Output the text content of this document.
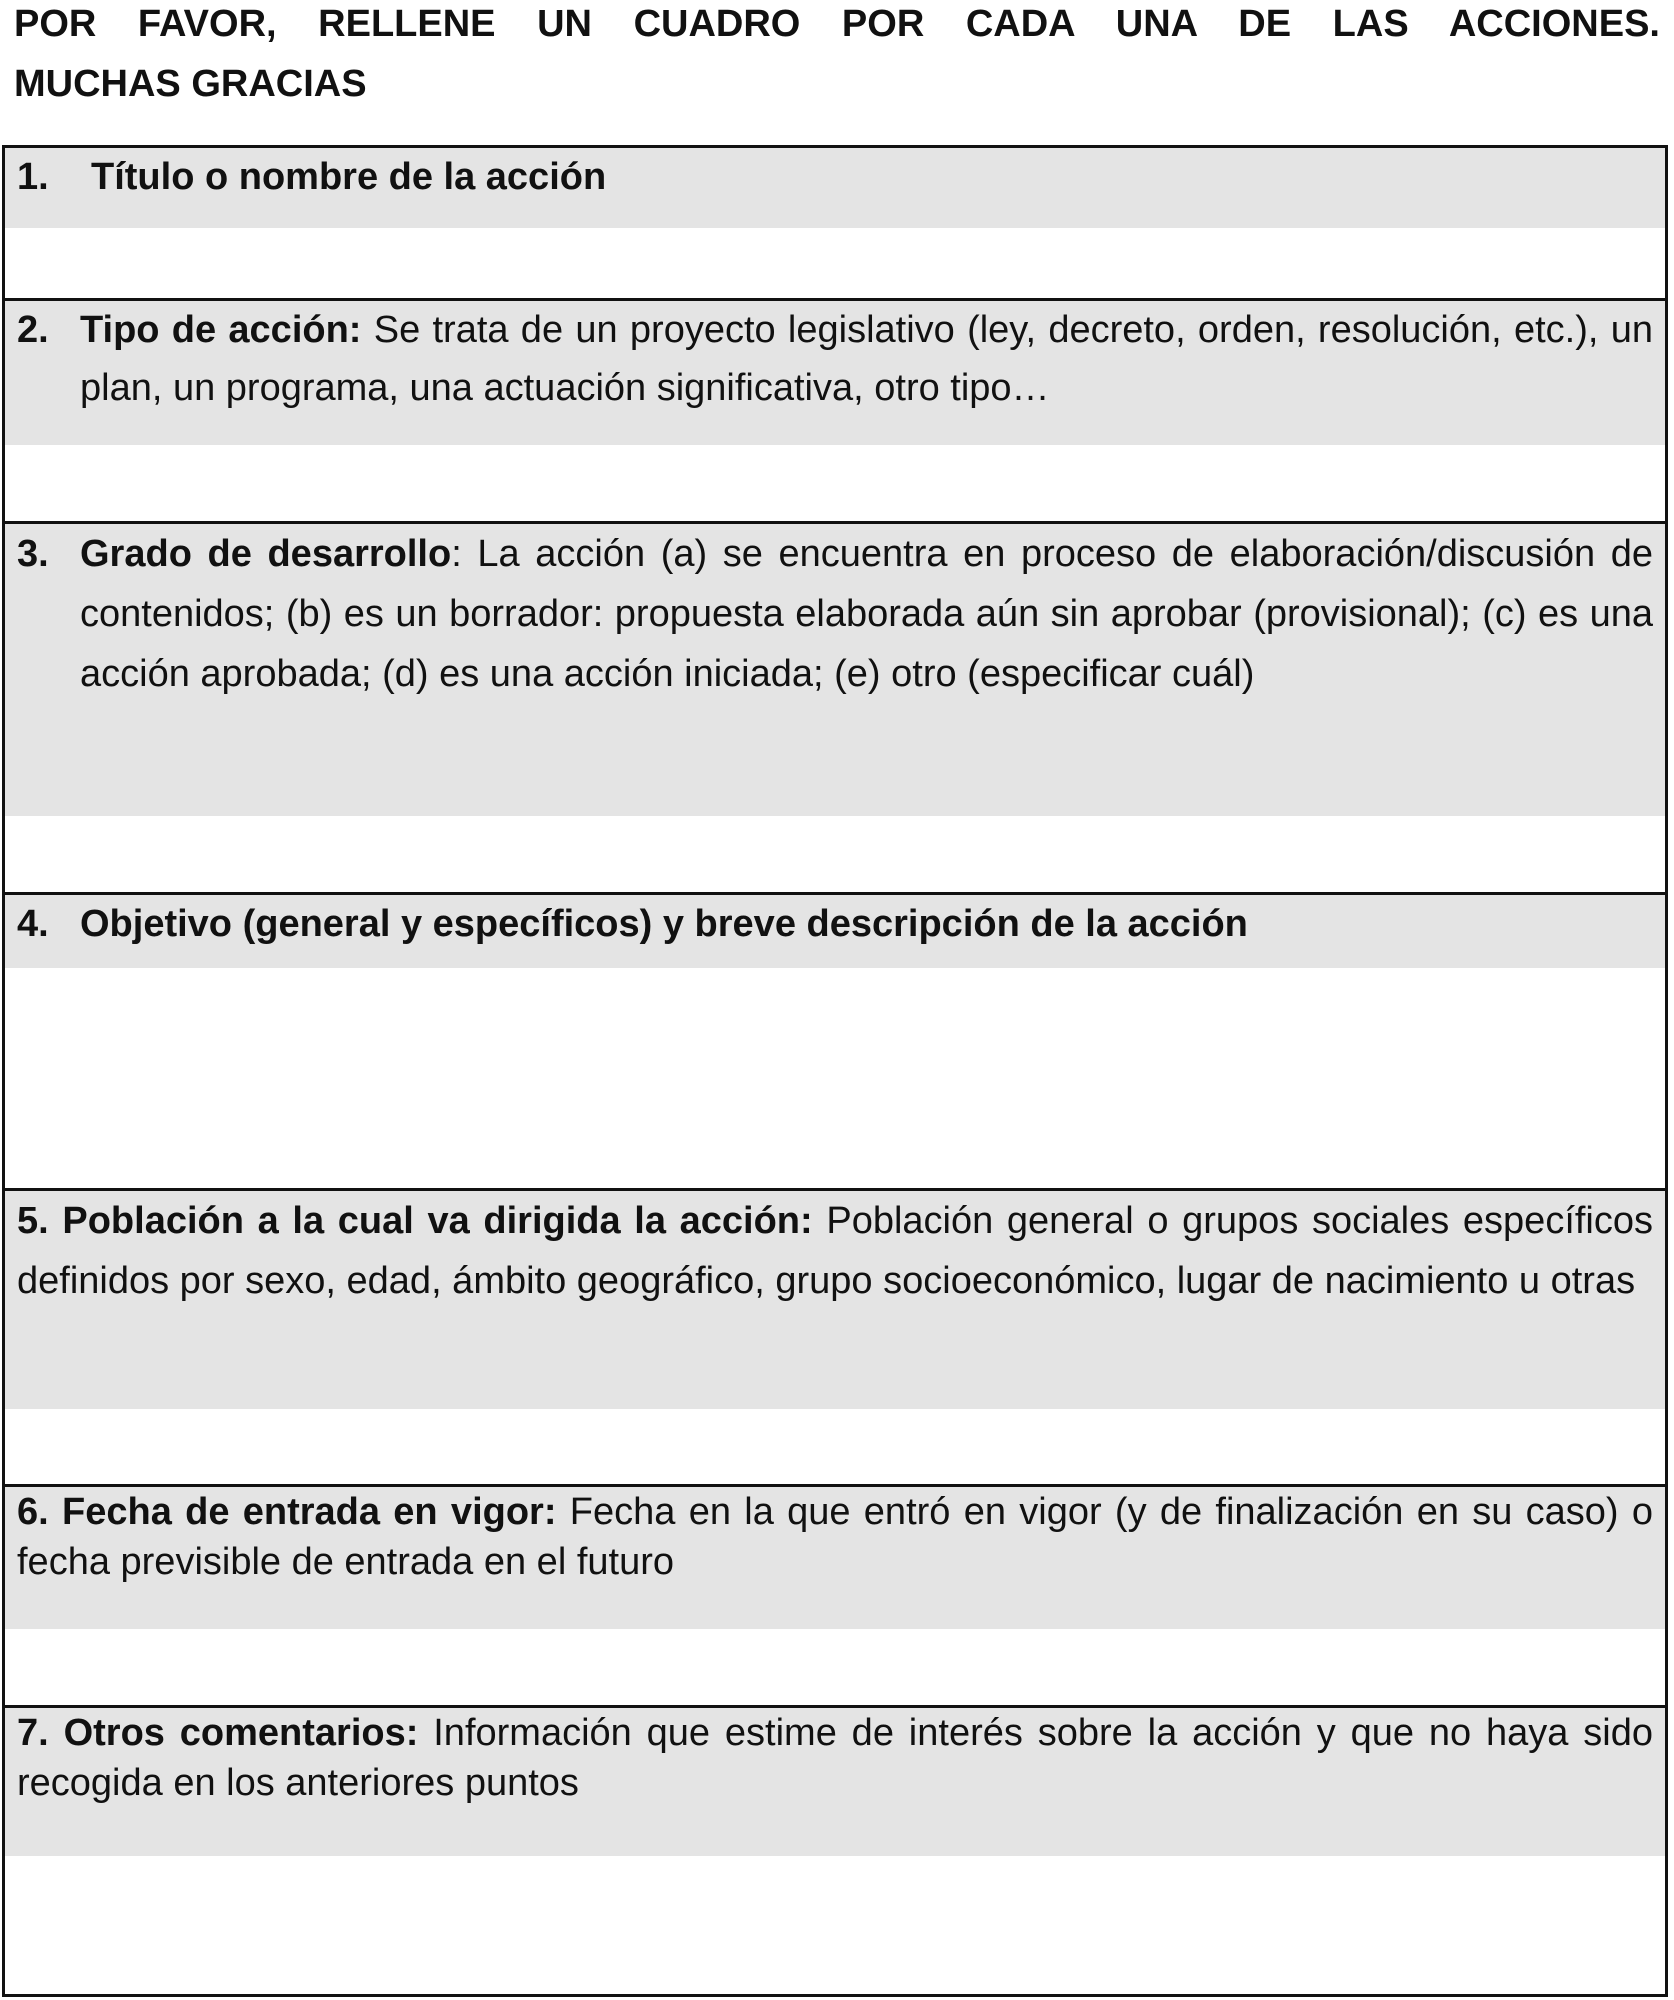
POR FAVOR, RELLENE UN CUADRO POR CADA UNA DE LAS ACCIONES.
MUCHAS GRACIAS
1. Título o nombre de la acción
2. Tipo de acción: Se trata de un proyecto legislativo (ley, decreto, orden, resolución, etc.), un plan, un programa, una actuación significativa, otro tipo…
3. Grado de desarrollo: La acción (a) se encuentra en proceso de elaboración/discusión de contenidos; (b) es un borrador: propuesta elaborada aún sin aprobar (provisional); (c) es una acción aprobada; (d) es una acción iniciada; (e) otro (especificar cuál)
4. Objetivo (general y específicos) y breve descripción de la acción
5. Población a la cual va dirigida la acción: Población general o grupos sociales específicos definidos por sexo, edad, ámbito geográfico, grupo socioeconómico, lugar de nacimiento u otras
6. Fecha de entrada en vigor: Fecha en la que entró en vigor (y de finalización en su caso) o fecha previsible de entrada en el futuro
7. Otros comentarios: Información que estime de interés sobre la acción y que no haya sido recogida en los anteriores puntos
